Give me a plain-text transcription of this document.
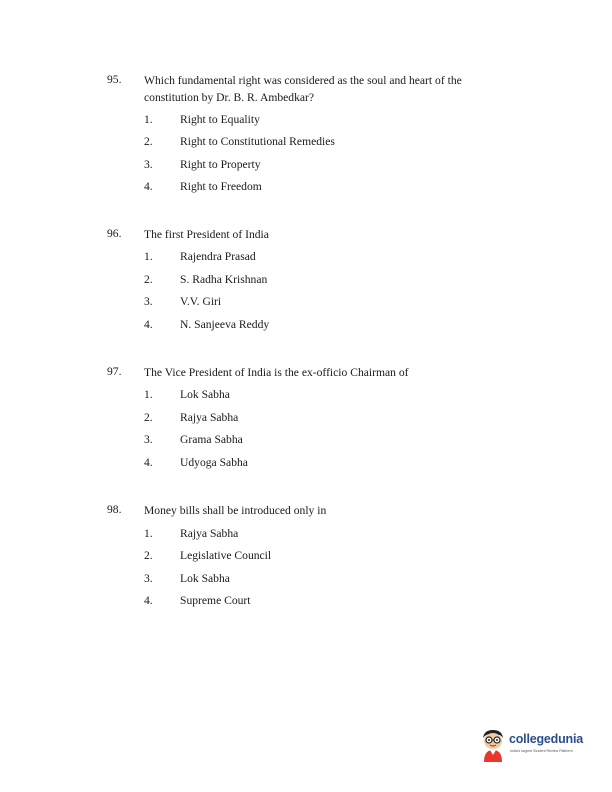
95. Which fundamental right was considered as the soul and heart of the
constitution by Dr. B. R. Ambedkar?
1. Right to Equality
2. Right to Constitutional Remedies
3. Right to Property
4. Right to Freedom
96. The first President of India
1. Rajendra Prasad
2. S. Radha Krishnan
3. V.V. Giri
4. N. Sanjeeva Reddy
97. The Vice President of India is the ex-officio Chairman of
1. Lok Sabha
2. Rajya Sabha
3. Grama Sabha
4. Udyoga Sabha
98. Money bills shall be introduced only in
1. Rajya Sabha
2. Legislative Council
3. Lok Sabha
4. Supreme Court
collegedunia
India's largest Student Review Platform
